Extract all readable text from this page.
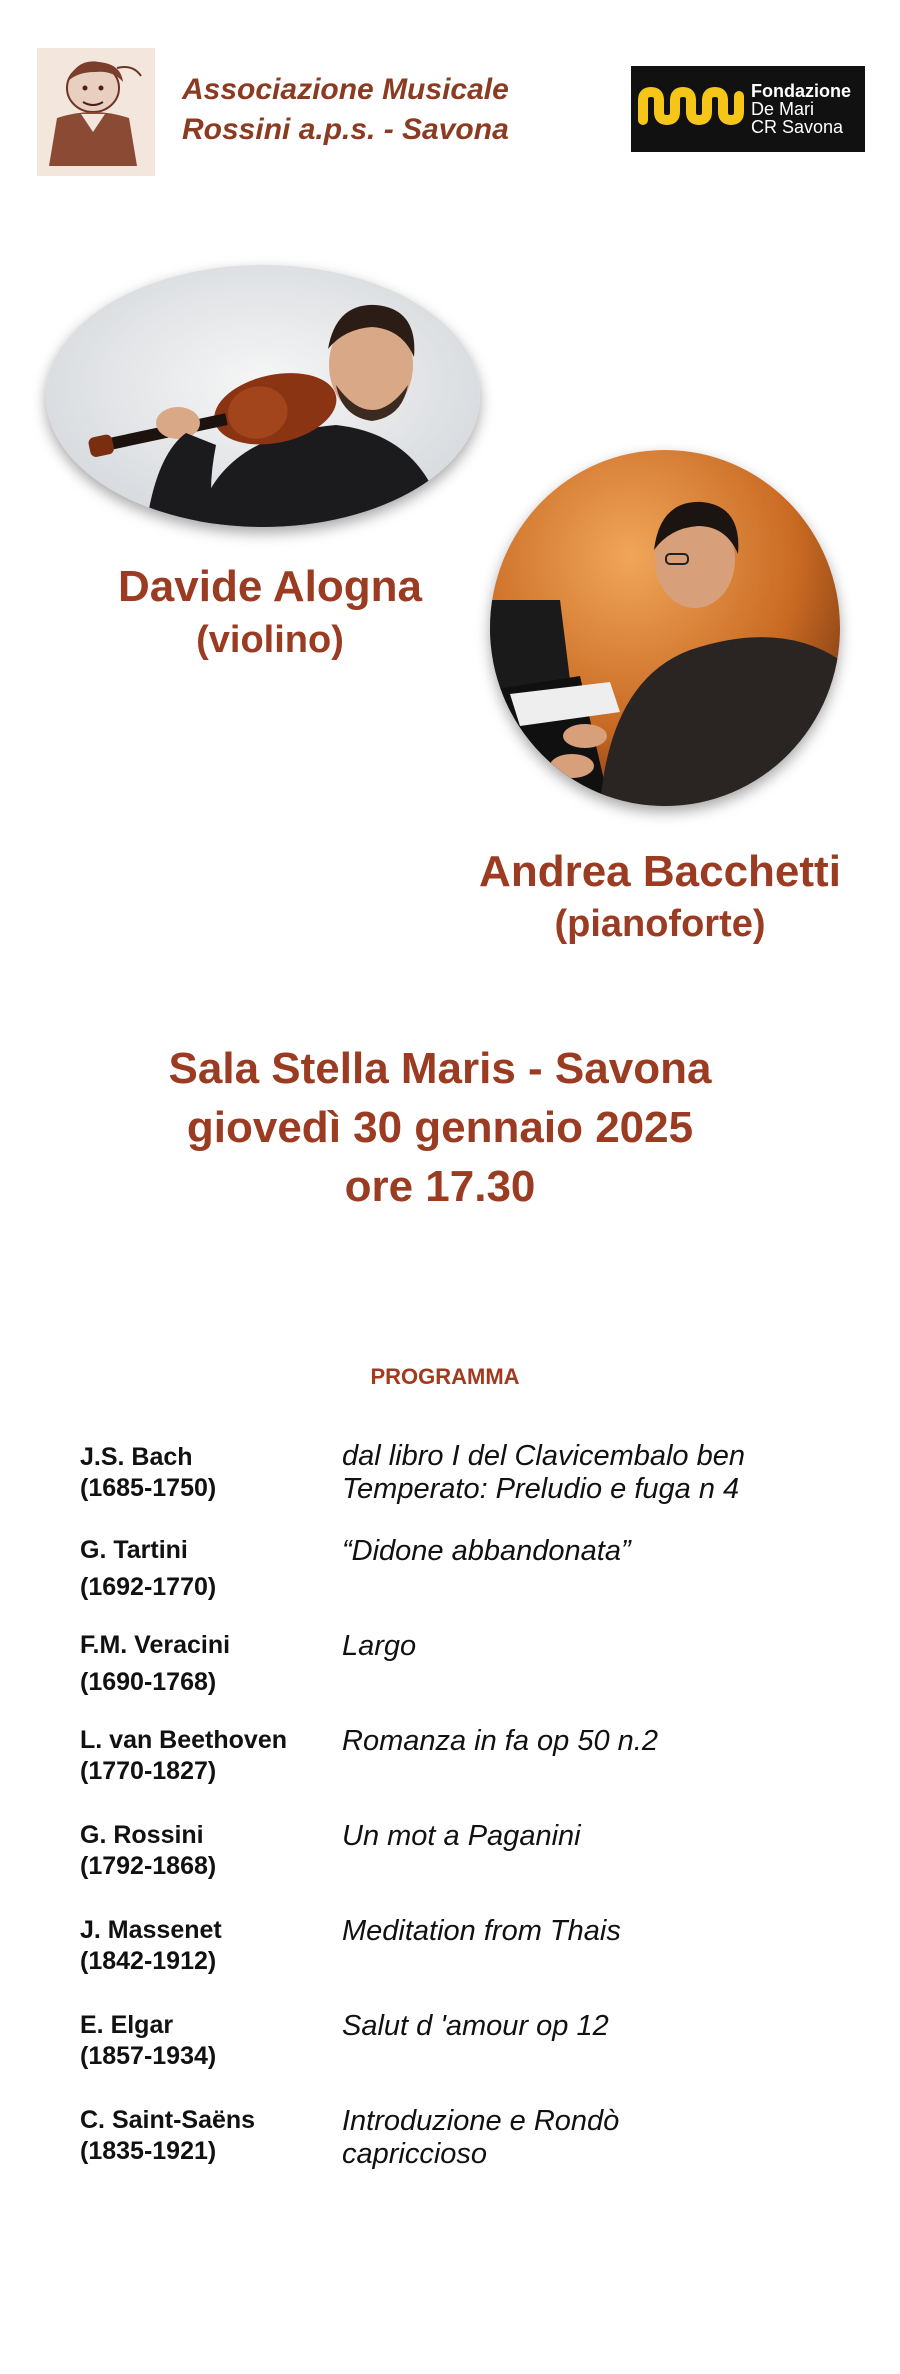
Associazione Musicale
Rossini a.p.s. - Savona
Fondazione
De Mari
CR Savona
Davide Alogna
(violino)
Andrea Bacchetti
(pianoforte)
Sala Stella Maris - Savona
giovedì 30 gennaio 2025
ore 17.30
PROGRAMMA
J.S. Bach
(1685-1750)
dal libro I del Clavicembalo ben
Temperato: Preludio e fuga n 4
G. Tartini
(1692-1770)
“Didone abbandonata”
F.M. Veracini
(1690-1768)
Largo
L. van Beethoven
(1770-1827)
Romanza in fa op 50 n.2
G. Rossini
(1792-1868)
Un mot a Paganini
J. Massenet
(1842-1912)
Meditation from Thais
E. Elgar
(1857-1934)
Salut d 'amour op 12
C. Saint-Saëns
(1835-1921)
Introduzione e Rondò
capriccioso
